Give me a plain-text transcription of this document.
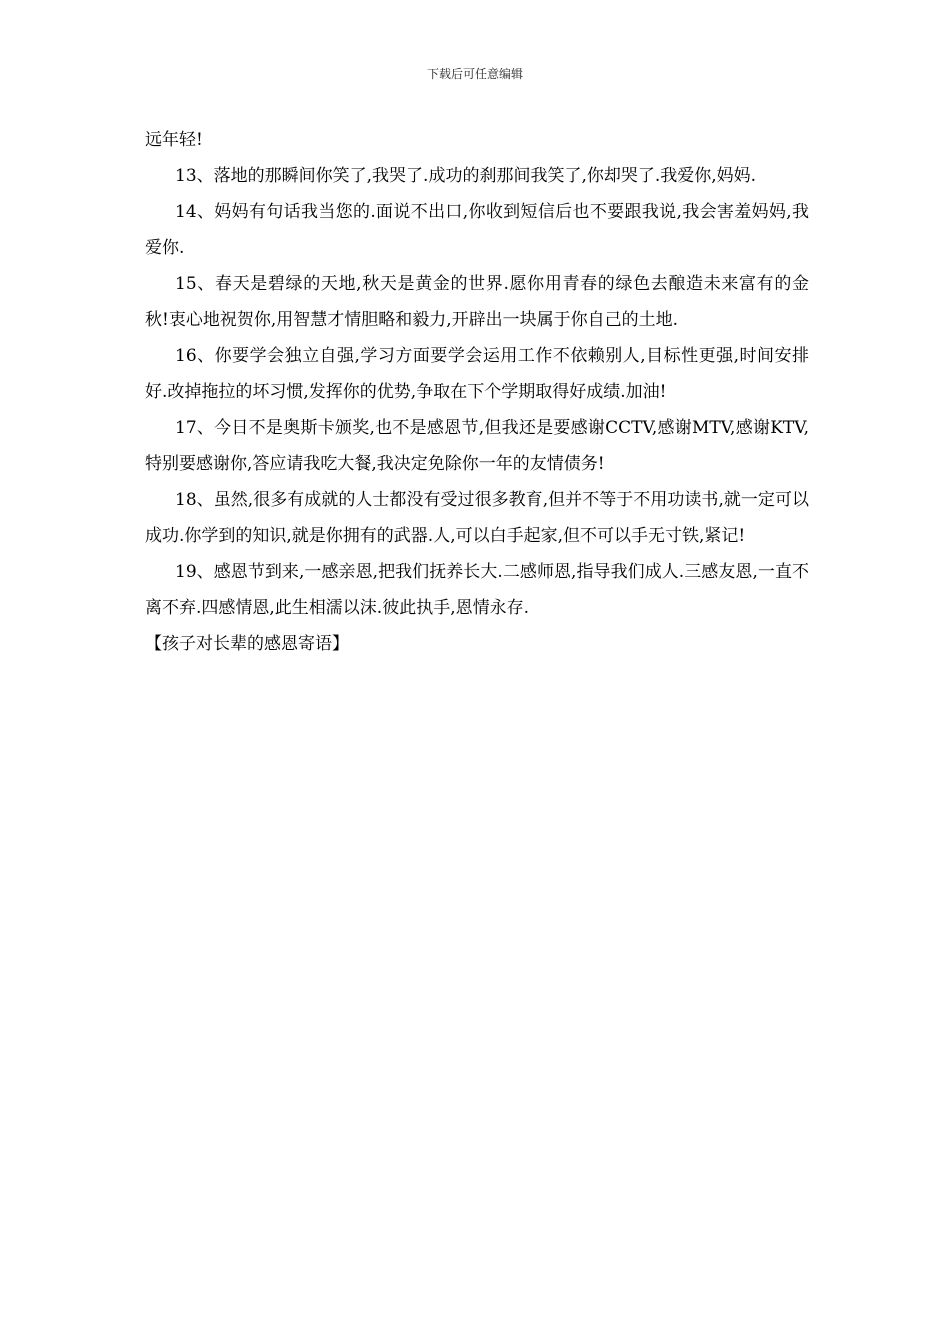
下载后可任意编辑

远年轻!

13、落地的那瞬间你笑了,我哭了.成功的刹那间我笑了,你却哭了.我爱你,妈妈.

14、妈妈有句话我当您的.面说不出口,你收到短信后也不要跟我说,我会害羞妈妈,我爱你.

15、春天是碧绿的天地,秋天是黄金的世界.愿你用青春的绿色去酿造未来富有的金秋!衷心地祝贺你,用智慧才情胆略和毅力,开辟出一块属于你自己的土地.

16、你要学会独立自强,学习方面要学会运用工作不依赖别人,目标性更强,时间安排好.改掉拖拉的坏习惯,发挥你的优势,争取在下个学期取得好成绩.加油!

17、今日不是奥斯卡颁奖,也不是感恩节,但我还是要感谢CCTV,感谢MTV,感谢KTV,特别要感谢你,答应请我吃大餐,我决定免除你一年的友情债务!

18、虽然,很多有成就的人士都没有受过很多教育,但并不等于不用功读书,就一定可以成功.你学到的知识,就是你拥有的武器.人,可以白手起家,但不可以手无寸铁,紧记!

19、感恩节到来,一感亲恩,把我们抚养长大.二感师恩,指导我们成人.三感友恩,一直不离不弃.四感情恩,此生相濡以沫.彼此执手,恩情永存.

【孩子对长辈的感恩寄语】
